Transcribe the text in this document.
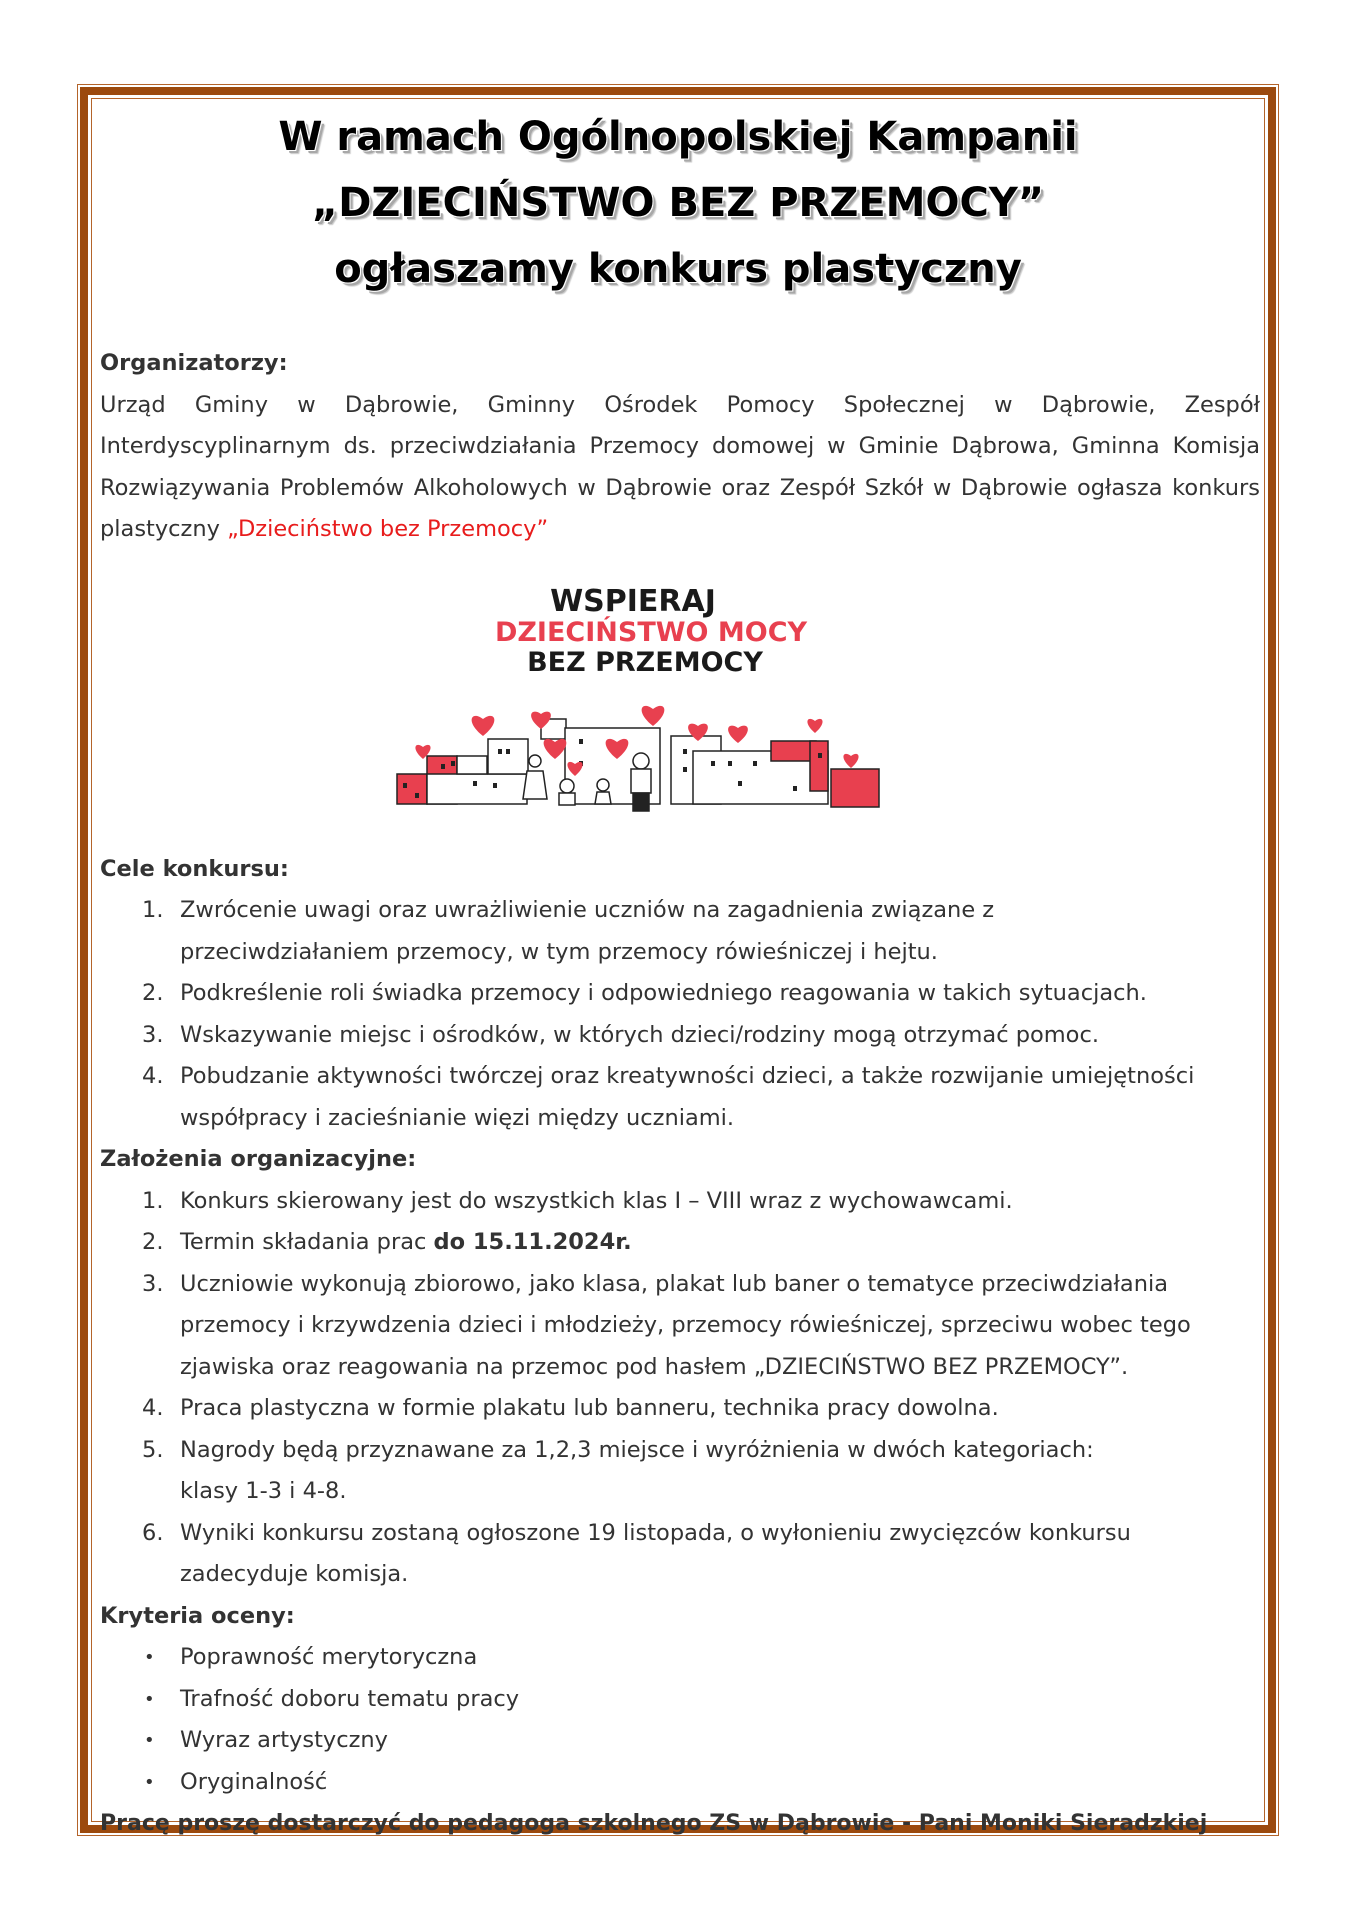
W ramach Ogólnopolskiej Kampanii
„DZIECIŃSTWO BEZ PRZEMOCY”
ogłaszamy konkurs plastyczny
Organizatorzy:
Urząd Gminy w Dąbrowie, Gminny Ośrodek Pomocy Społecznej w Dąbrowie, Zespół Interdyscyplinarnym ds. przeciwdziałania Przemocy domowej w Gminie Dąbrowa, Gminna Komisja Rozwiązywania Problemów Alkoholowych w Dąbrowie oraz Zespół Szkół w Dąbrowie ogłasza konkurs plastyczny „Dzieciństwo bez Przemocy”
WSPIERAJ
DZIECIŃSTWO MOCY
BEZ PRZEMOCY
Cele konkursu:
1. Zwrócenie uwagi oraz uwrażliwienie uczniów na zagadnienia związane z
przeciwdziałaniem przemocy, w tym przemocy rówieśniczej i hejtu.
2. Podkreślenie roli świadka przemocy i odpowiedniego reagowania w takich sytuacjach.
3. Wskazywanie miejsc i ośrodków, w których dzieci/rodziny mogą otrzymać pomoc.
4. Pobudzanie aktywności twórczej oraz kreatywności dzieci, a także rozwijanie umiejętności
współpracy i zacieśnianie więzi między uczniami.
Założenia organizacyjne:
1. Konkurs skierowany jest do wszystkich klas I – VIII wraz z wychowawcami.
2. Termin składania prac do 15.11.2024r.
3. Uczniowie wykonują zbiorowo, jako klasa, plakat lub baner o tematyce przeciwdziałania
przemocy i krzywdzenia dzieci i młodzieży, przemocy rówieśniczej, sprzeciwu wobec tego
zjawiska oraz reagowania na przemoc pod hasłem „DZIECIŃSTWO BEZ PRZEMOCY”.
4. Praca plastyczna w formie plakatu lub banneru, technika pracy dowolna.
5. Nagrody będą przyznawane za 1,2,3 miejsce i wyróżnienia w dwóch kategoriach:
klasy 1-3 i 4-8.
6. Wyniki konkursu zostaną ogłoszone 19 listopada, o wyłonieniu zwycięzców konkursu
zadecyduje komisja.
Kryteria oceny:
• Poprawność merytoryczna
• Trafność doboru tematu pracy
• Wyraz artystyczny
• Oryginalność
Pracę proszę dostarczyć do pedagoga szkolnego ZS w Dąbrowie - Pani Moniki Sieradzkiej
